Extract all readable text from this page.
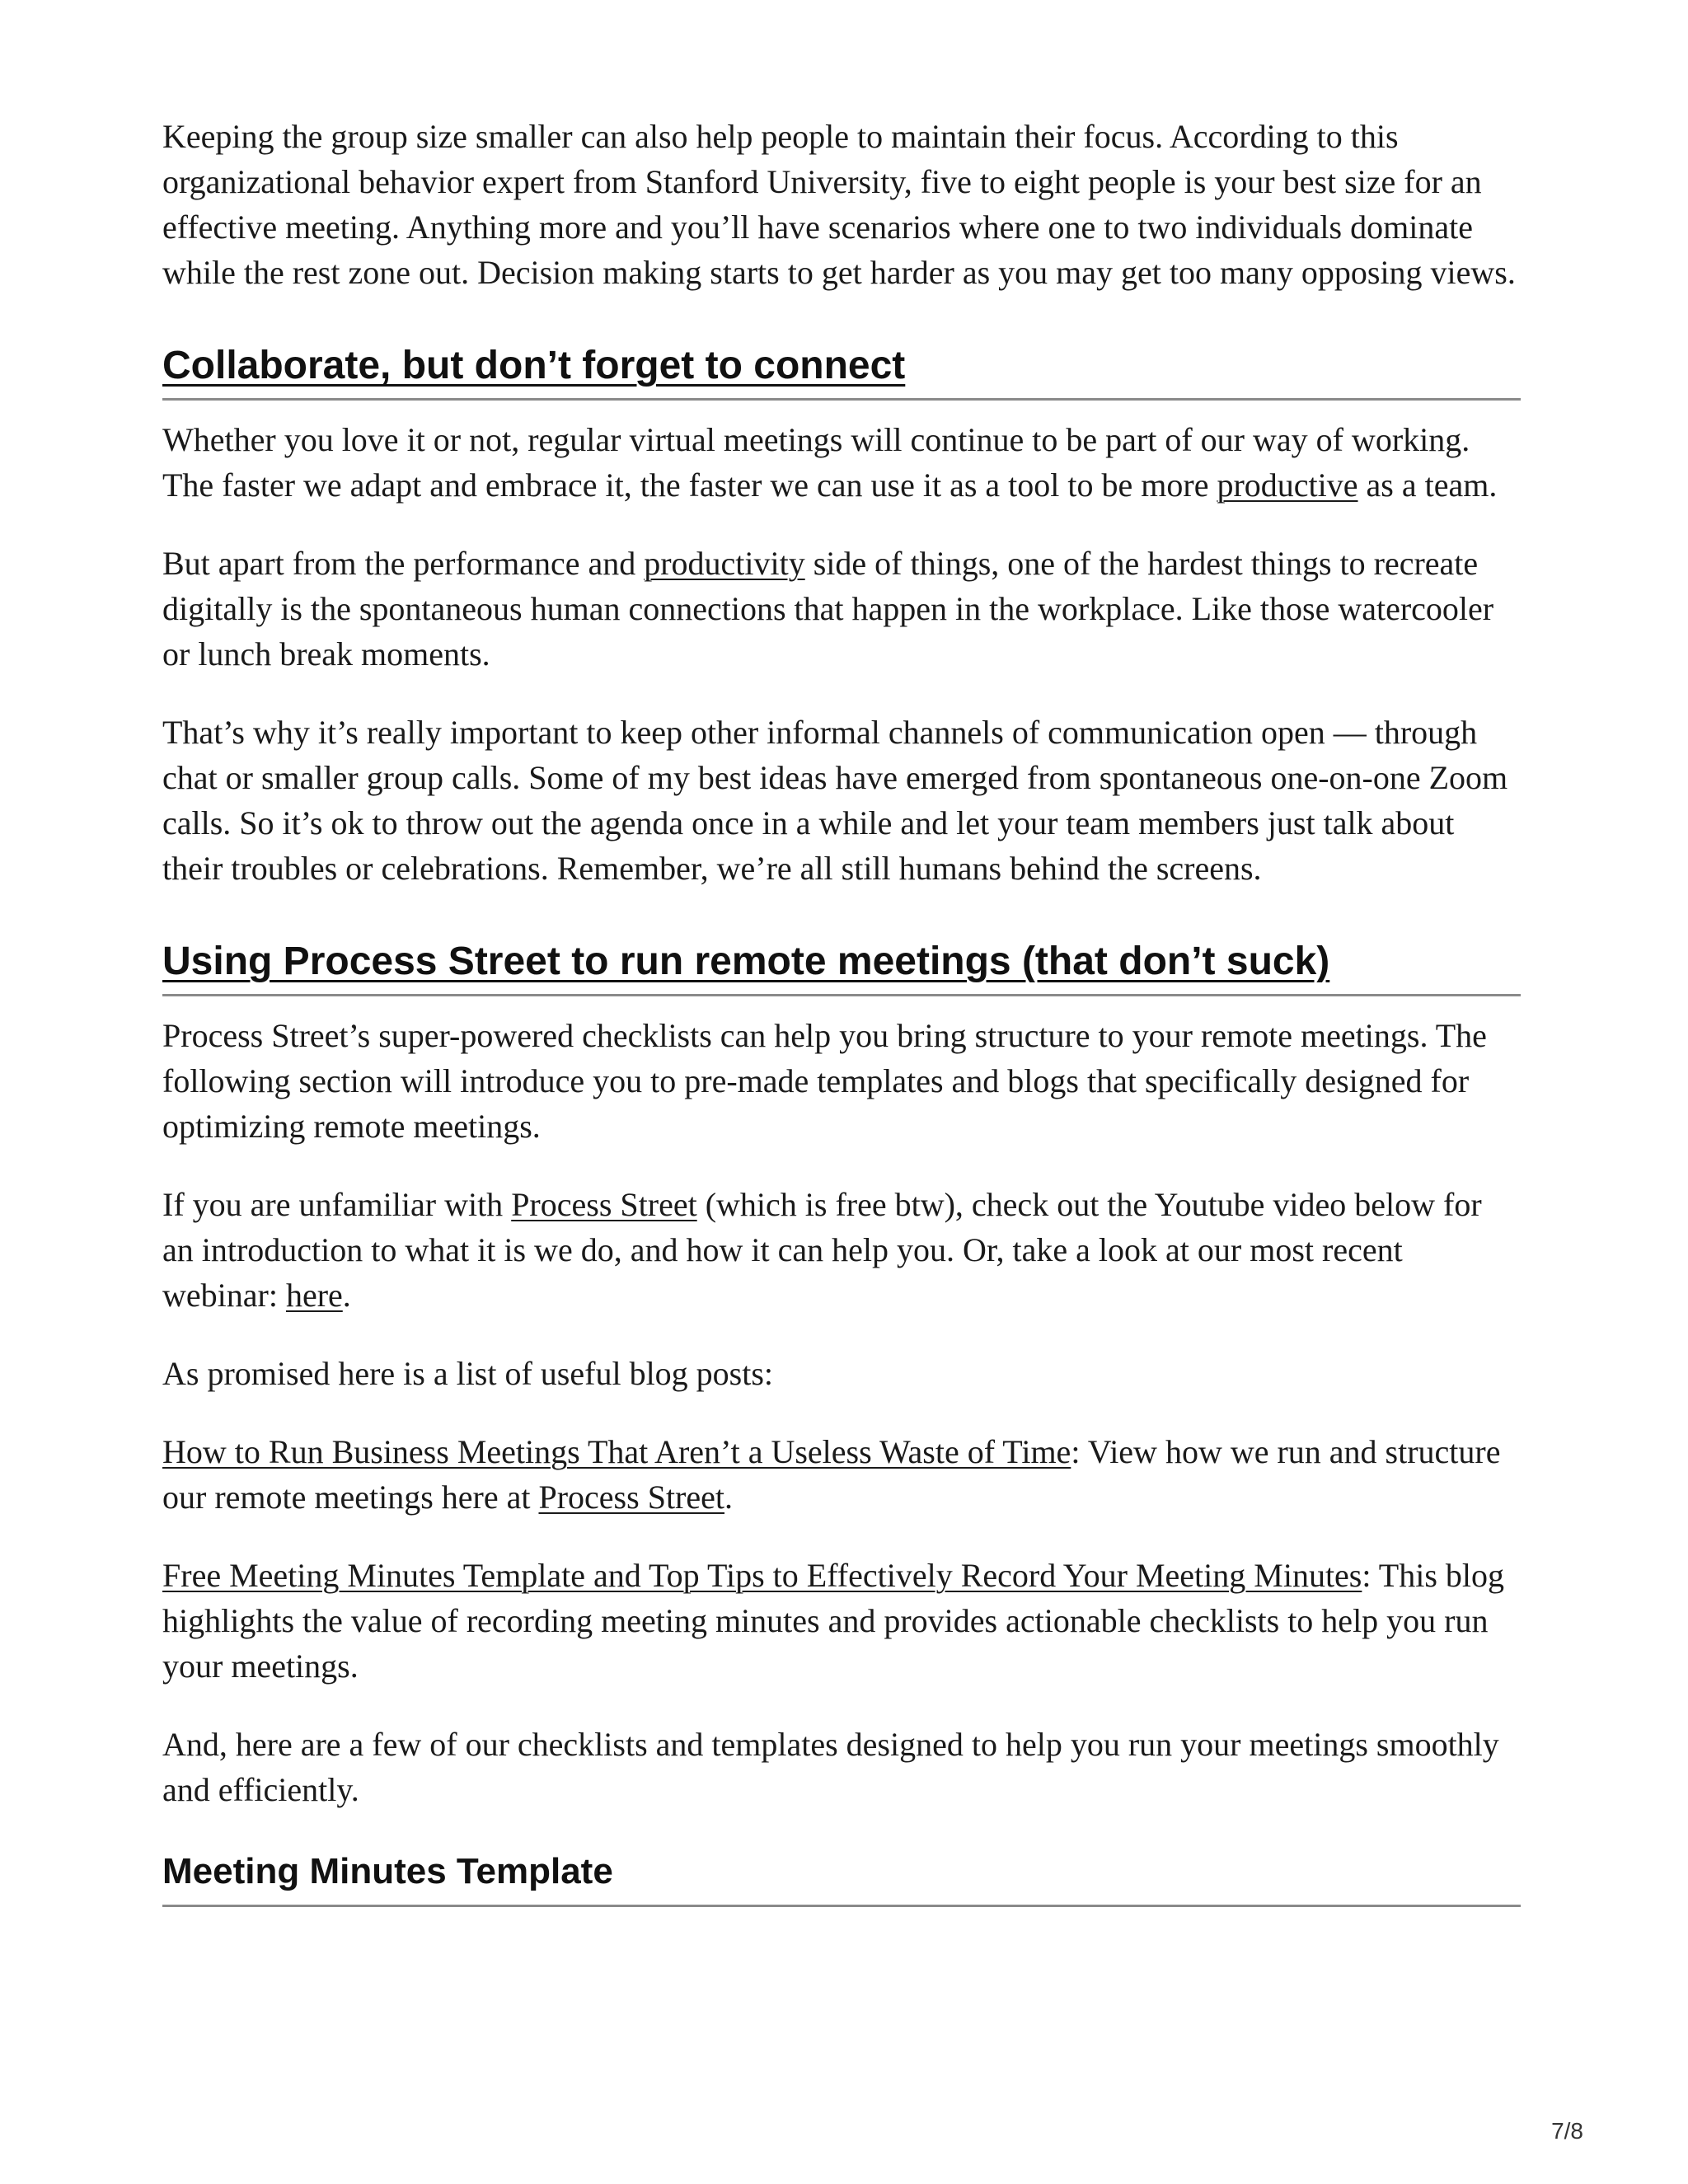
Keeping the group size smaller can also help people to maintain their focus. According to this organizational behavior expert from Stanford University, five to eight people is your best size for an effective meeting. Anything more and you’ll have scenarios where one to two individuals dominate while the rest zone out. Decision making starts to get harder as you may get too many opposing views.

Collaborate, but don’t forget to connect

Whether you love it or not, regular virtual meetings will continue to be part of our way of working. The faster we adapt and embrace it, the faster we can use it as a tool to be more productive as a team.

But apart from the performance and productivity side of things, one of the hardest things to recreate digitally is the spontaneous human connections that happen in the workplace. Like those watercooler or lunch break moments.

That’s why it’s really important to keep other informal channels of communication open — through chat or smaller group calls. Some of my best ideas have emerged from spontaneous one-on-one Zoom calls. So it’s ok to throw out the agenda once in a while and let your team members just talk about their troubles or celebrations. Remember, we’re all still humans behind the screens.

Using Process Street to run remote meetings (that don’t suck)

Process Street’s super-powered checklists can help you bring structure to your remote meetings. The following section will introduce you to pre-made templates and blogs that specifically designed for optimizing remote meetings.

If you are unfamiliar with Process Street (which is free btw), check out the Youtube video below for an introduction to what it is we do, and how it can help you. Or, take a look at our most recent webinar: here.

As promised here is a list of useful blog posts:

How to Run Business Meetings That Aren’t a Useless Waste of Time: View how we run and structure our remote meetings here at Process Street.

Free Meeting Minutes Template and Top Tips to Effectively Record Your Meeting Minutes: This blog highlights the value of recording meeting minutes and provides actionable checklists to help you run your meetings.

And, here are a few of our checklists and templates designed to help you run your meetings smoothly and efficiently.

Meeting Minutes Template
7/8
